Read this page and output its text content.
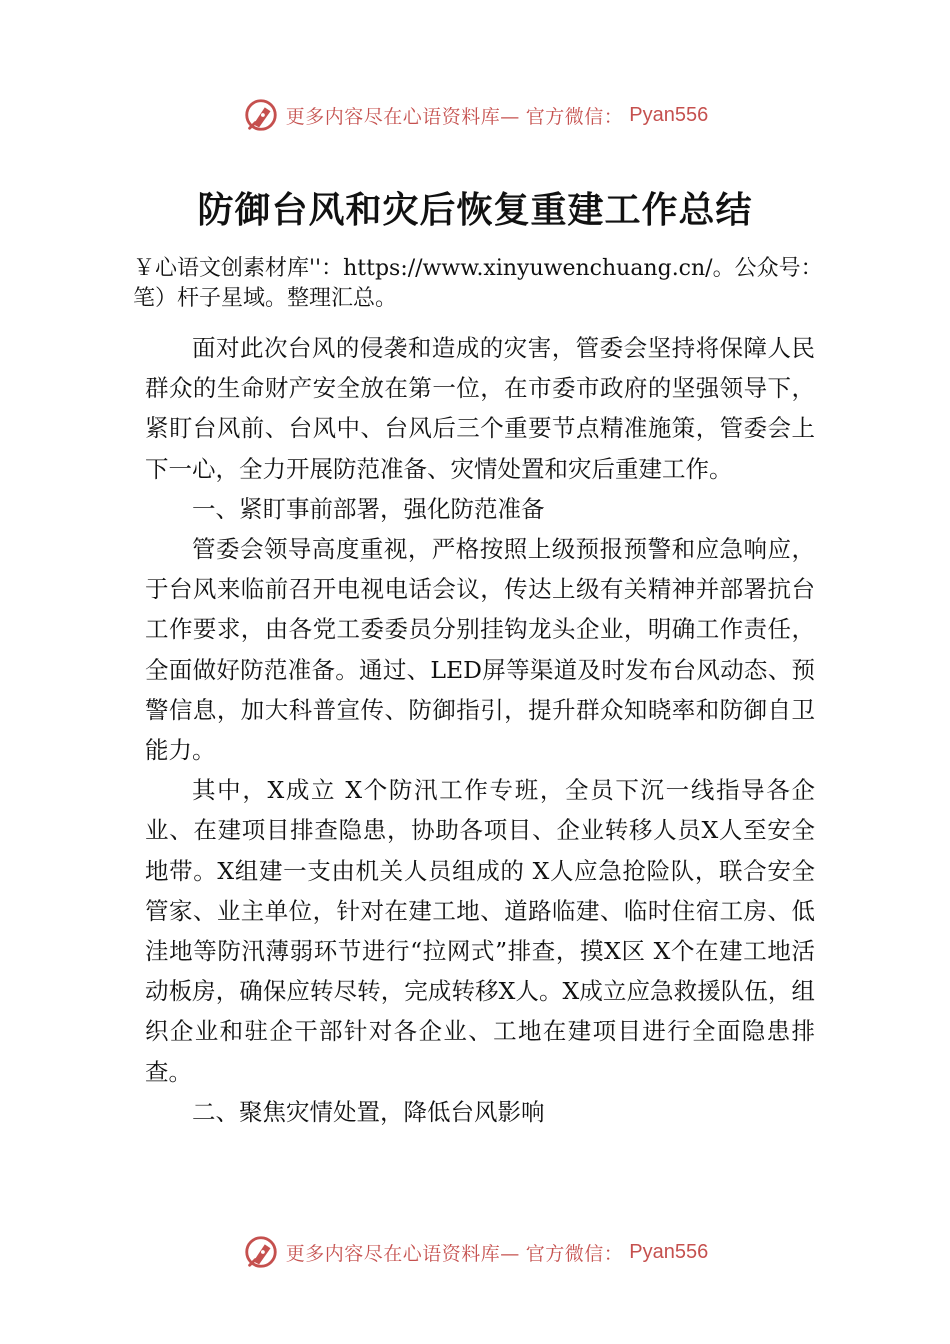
更多内容尽在心语资料库— 官方微信： Pyan556
防御台风和灾后恢复重建工作总结
￥心语文创素材库''：https://www.xinyuwenchuang.cn/。公众号：笔）杆子星域。整理汇总。

面对此次台风的侵袭和造成的灾害，管委会坚持将保障人民群众的生命财产安全放在第一位，在市委市政府的坚强领导下，紧盯台风前、台风中、台风后三个重要节点精准施策，管委会上下一心，全力开展防范准备、灾情处置和灾后重建工作。

一、紧盯事前部署，强化防范准备

管委会领导高度重视，严格按照上级预报预警和应急响应，于台风来临前召开电视电话会议，传达上级有关精神并部署抗台工作要求，由各党工委委员分别挂钩龙头企业，明确工作责任，全面做好防范准备。通过、LED屏等渠道及时发布台风动态、预警信息，加大科普宣传、防御指引，提升群众知晓率和防御自卫能力。

其中，X成立 X个防汛工作专班，全员下沉一线指导各企业、在建项目排查隐患，协助各项目、企业转移人员X人至安全地带。X组建一支由机关人员组成的 X人应急抢险队，联合安全管家、业主单位，针对在建工地、道路临建、临时住宿工房、低洼地等防汛薄弱环节进行“拉网式”排查，摸X区 X个在建工地活动板房，确保应转尽转，完成转移X人。X成立应急救援队伍，组织企业和驻企干部针对各企业、工地在建项目进行全面隐患排查。

二、聚焦灾情处置，降低台风影响

更多内容尽在心语资料库— 官方微信： Pyan556
